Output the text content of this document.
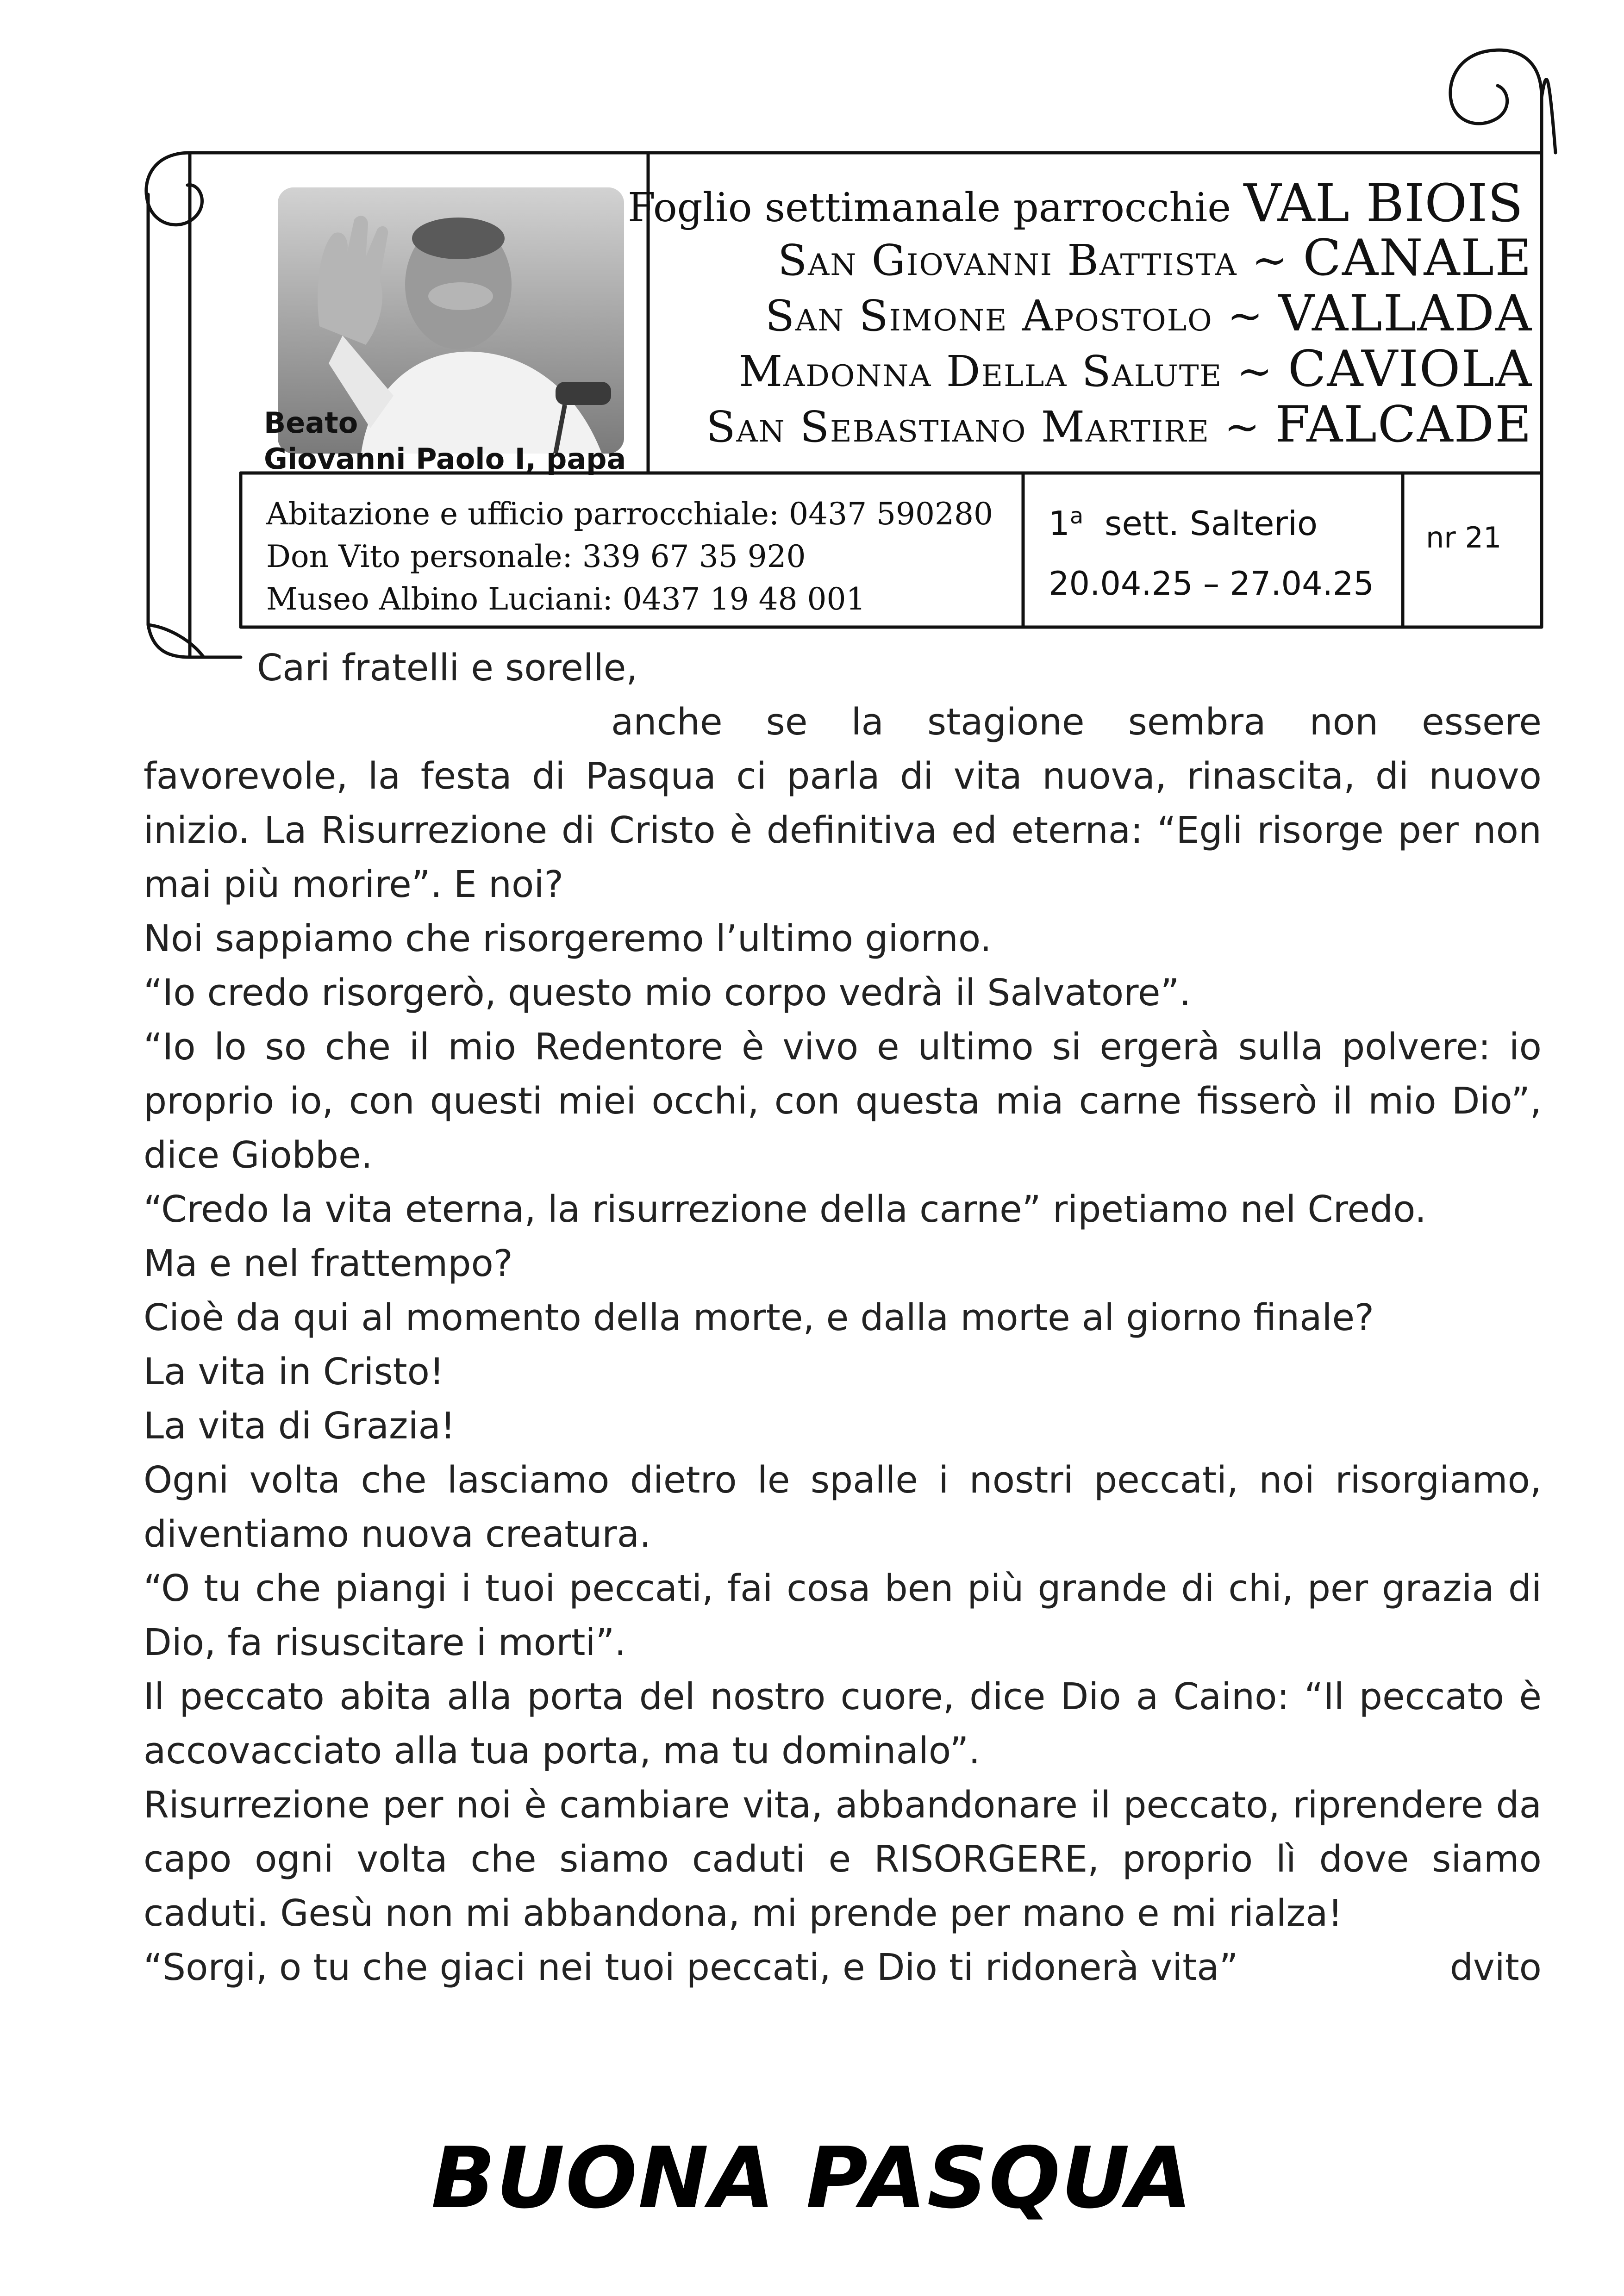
Beato
Giovanni Paolo I, papa
Foglio settimanale parrocchie VAL BIOIS
San Giovanni Battista ~ CANALE
San Simone Apostolo ~ VALLADA
Madonna Della Salute ~ CAVIOLA
San Sebastiano Martire ~ FALCADE
Abitazione e ufficio parrocchiale: 0437 590280
Don Vito personale: 339 67 35 920
Museo Albino Luciani: 0437 19 48 001
1$^a$ sett. Salterio
20.04.25 – 27.04.25
nr 21

Cari fratelli e sorelle,

anche se la stagione sembra non essere

favorevole, la festa di Pasqua ci parla di vita nuova, rinascita, di nuovo inizio. La Risurrezione di Cristo è definitiva ed eterna: “Egli risorge per non mai più morire”. E noi?

Noi sappiamo che risorgeremo l’ultimo giorno.

“Io credo risorgerò, questo mio corpo vedrà il Salvatore”.

“Io lo so che il mio Redentore è vivo e ultimo si ergerà sulla polvere: io proprio io, con questi miei occhi, con questa mia carne fisserò il mio Dio”, dice Giobbe.

“Credo la vita eterna, la risurrezione della carne” ripetiamo nel Credo.

Ma e nel frattempo?

Cioè da qui al momento della morte, e dalla morte al giorno finale?

La vita in Cristo!

La vita di Grazia!

Ogni volta che lasciamo dietro le spalle i nostri peccati, noi risorgiamo, diventiamo nuova creatura.

“O tu che piangi i tuoi peccati, fai cosa ben più grande di chi, per grazia di Dio, fa risuscitare i morti”.

Il peccato abita alla porta del nostro cuore, dice Dio a Caino: “Il peccato è accovacciato alla tua porta, ma tu dominalo”.

Risurrezione per noi è cambiare vita, abbandonare il peccato, riprendere da capo ogni volta che siamo caduti e RISORGERE, proprio lì dove siamo caduti. Gesù non mi abbandona, mi prende per mano e mi rialza!

“Sorgi, o tu che giaci nei tuoi peccati, e Dio ti ridonerà vita”	dvito

BUONA PASQUA
